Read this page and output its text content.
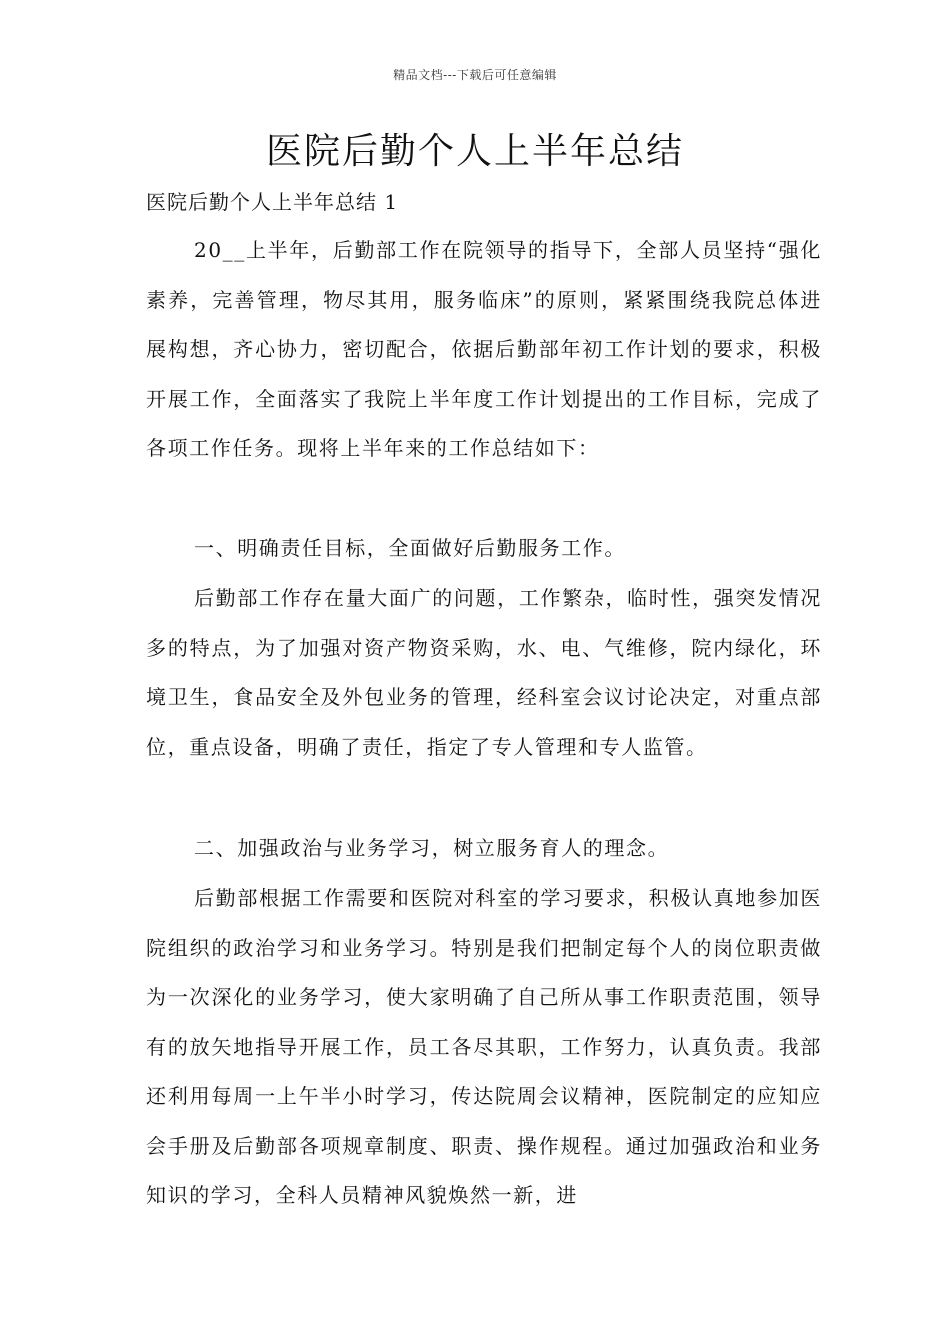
精品文档---下载后可任意编辑
医院后勤个人上半年总结
医院后勤个人上半年总结 1

20__上半年，后勤部工作在院领导的指导下，全部人员坚持“强化素养，完善管理，物尽其用，服务临床”的原则，紧紧围绕我院总体进展构想，齐心协力，密切配合，依据后勤部年初工作计划的要求，积极开展工作，全面落实了我院上半年度工作计划提出的工作目标，完成了各项工作任务。现将上半年来的工作总结如下：

一、明确责任目标，全面做好后勤服务工作。

后勤部工作存在量大面广的问题，工作繁杂，临时性，强突发情况多的特点，为了加强对资产物资采购，水、电、气维修，院内绿化，环境卫生，食品安全及外包业务的管理，经科室会议讨论决定，对重点部位，重点设备，明确了责任，指定了专人管理和专人监管。

二、加强政治与业务学习，树立服务育人的理念。

后勤部根据工作需要和医院对科室的学习要求，积极认真地参加医院组织的政治学习和业务学习。特别是我们把制定每个人的岗位职责做为一次深化的业务学习，使大家明确了自己所从事工作职责范围，领导有的放矢地指导开展工作，员工各尽其职，工作努力，认真负责。我部还利用每周一上午半小时学习，传达院周会议精神，医院制定的应知应会手册及后勤部各项规章制度、职责、操作规程。通过加强政治和业务知识的学习，全科人员精神风貌焕然一新，进
